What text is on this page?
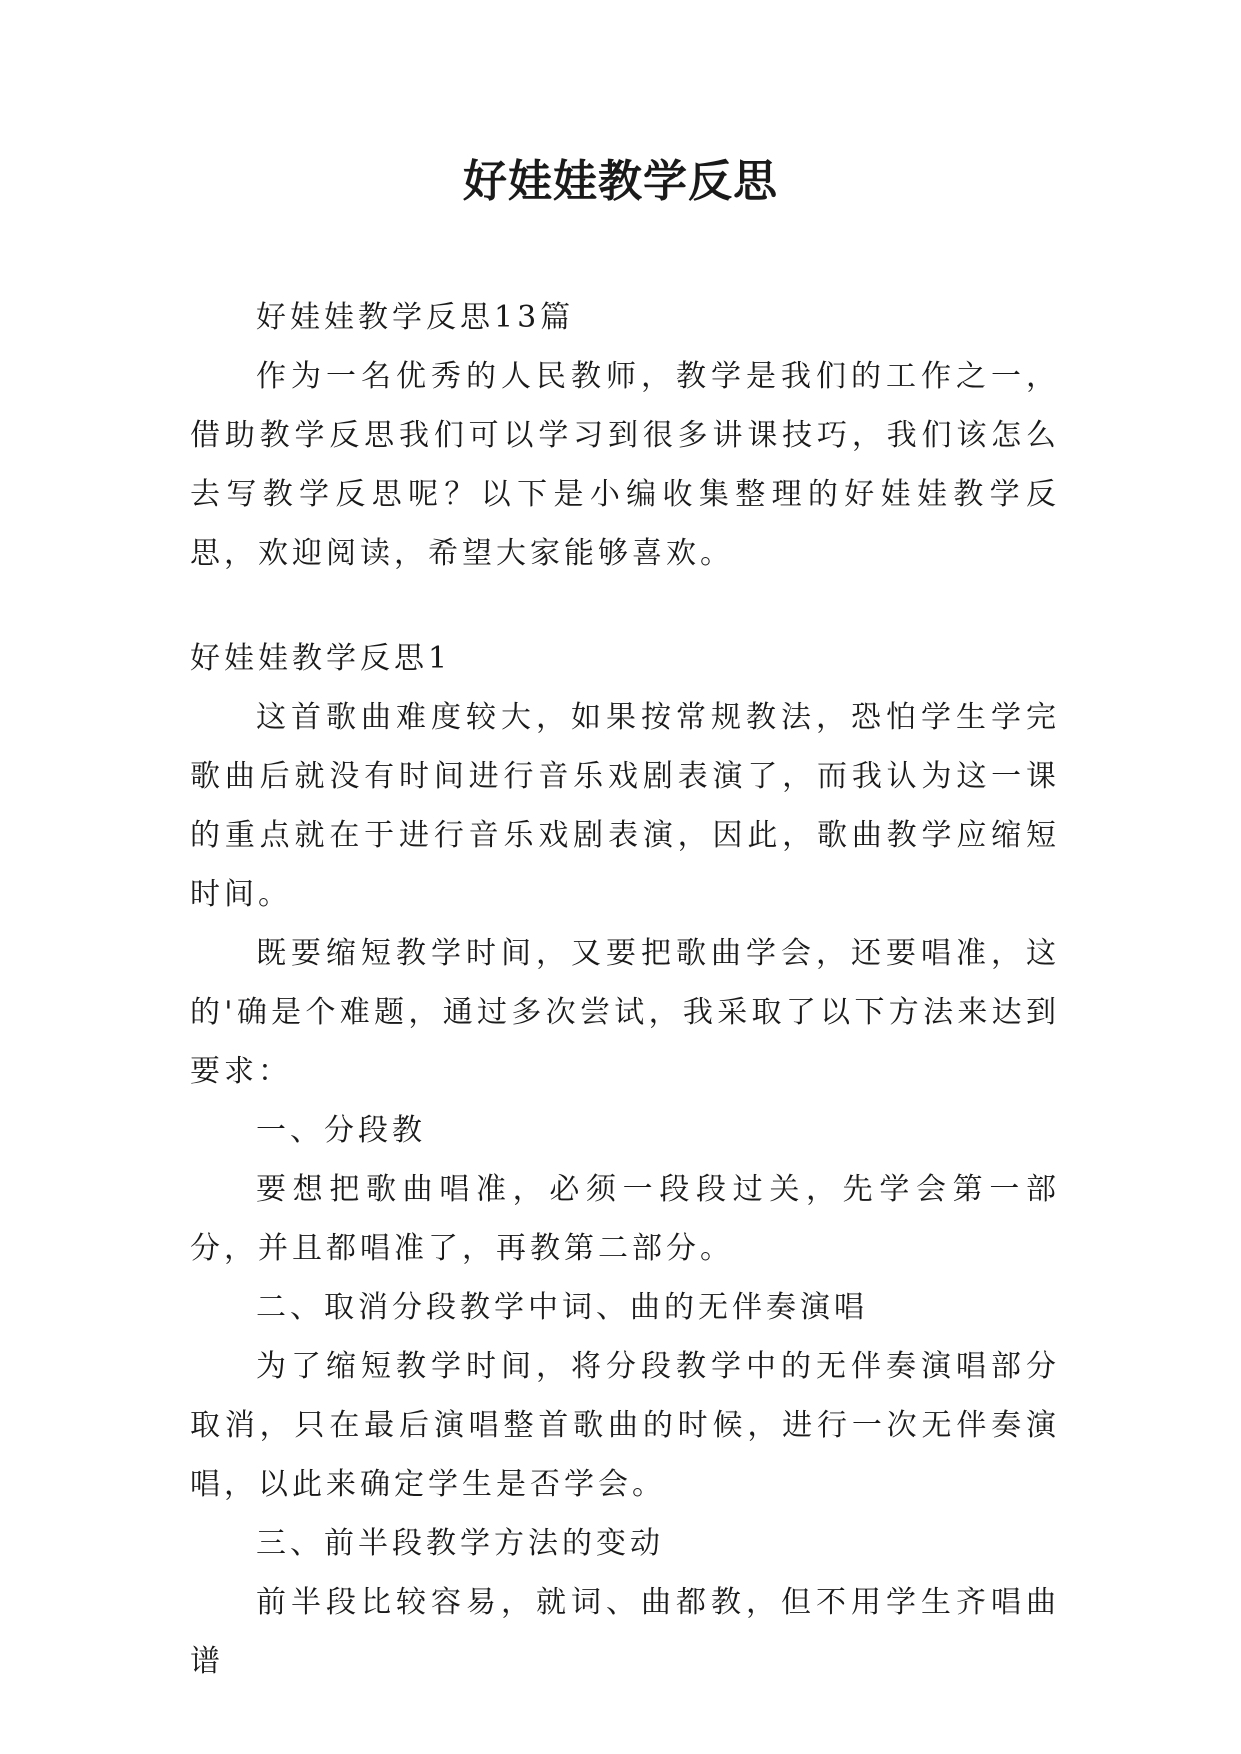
好娃娃教学反思

好娃娃教学反思13篇

作为一名优秀的人民教师，教学是我们的工作之一，借助教学反思我们可以学习到很多讲课技巧，我们该怎么去写教学反思呢？以下是小编收集整理的好娃娃教学反思，欢迎阅读，希望大家能够喜欢。

好娃娃教学反思1

这首歌曲难度较大，如果按常规教法，恐怕学生学完歌曲后就没有时间进行音乐戏剧表演了，而我认为这一课的重点就在于进行音乐戏剧表演，因此，歌曲教学应缩短时间。

既要缩短教学时间，又要把歌曲学会，还要唱准，这的'确是个难题，通过多次尝试，我采取了以下方法来达到要求：

一、分段教

要想把歌曲唱准，必须一段段过关，先学会第一部分，并且都唱准了，再教第二部分。

二、取消分段教学中词、曲的无伴奏演唱

为了缩短教学时间，将分段教学中的无伴奏演唱部分取消，只在最后演唱整首歌曲的时候，进行一次无伴奏演唱，以此来确定学生是否学会。

三、前半段教学方法的变动

前半段比较容易，就词、曲都教，但不用学生齐唱曲谱
